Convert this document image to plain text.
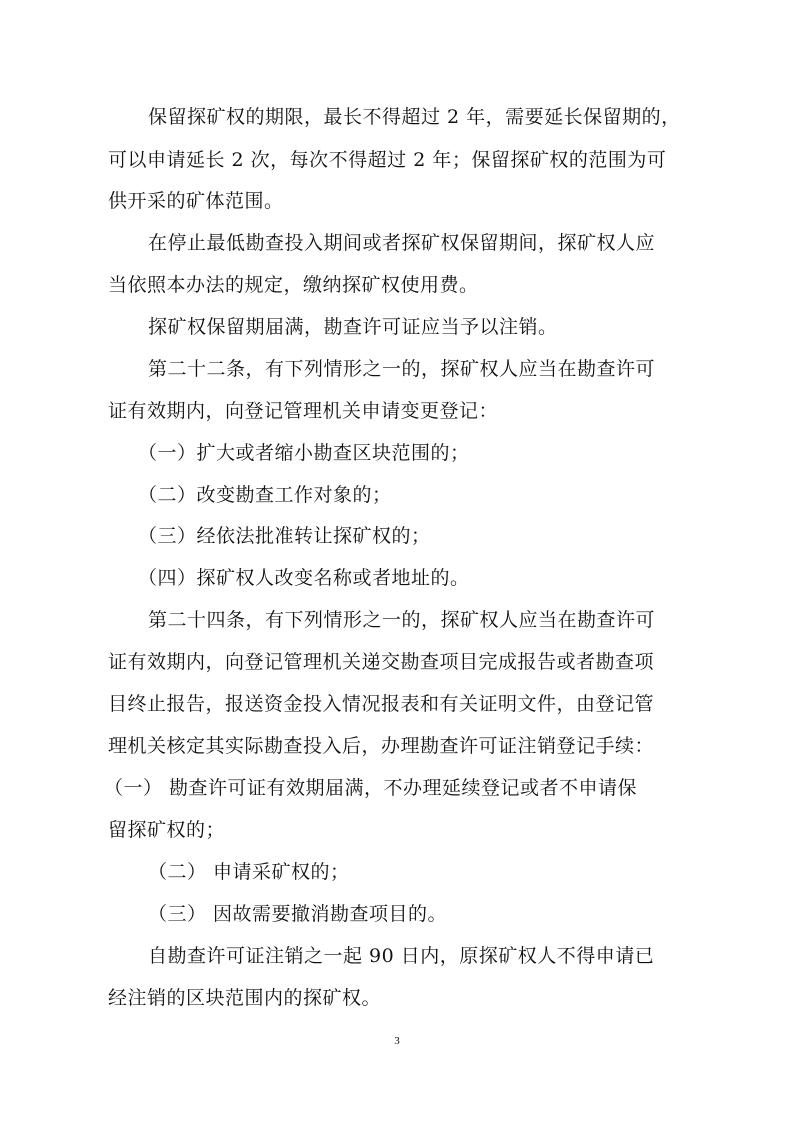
保留探矿权的期限，最长不得超过 2 年，需要延长保留期的，
可以申请延长 2 次，每次不得超过 2 年；保留探矿权的范围为可
供开采的矿体范围。
在停止最低勘查投入期间或者探矿权保留期间，探矿权人应
当依照本办法的规定，缴纳探矿权使用费。
探矿权保留期届满，勘查许可证应当予以注销。
第二十二条，有下列情形之一的，探矿权人应当在勘查许可
证有效期内，向登记管理机关申请变更登记：
（一）扩大或者缩小勘查区块范围的；
（二）改变勘查工作对象的；
（三）经依法批准转让探矿权的；
（四）探矿权人改变名称或者地址的。
第二十四条，有下列情形之一的，探矿权人应当在勘查许可
证有效期内，向登记管理机关递交勘查项目完成报告或者勘查项
目终止报告，报送资金投入情况报表和有关证明文件，由登记管
理机关核定其实际勘查投入后，办理勘查许可证注销登记手续：
（一） 勘查许可证有效期届满，不办理延续登记或者不申请保
留探矿权的；
（二） 申请采矿权的；
（三） 因故需要撤消勘查项目的。
自勘查许可证注销之一起 90 日内，原探矿权人不得申请已
经注销的区块范围内的探矿权。
3
